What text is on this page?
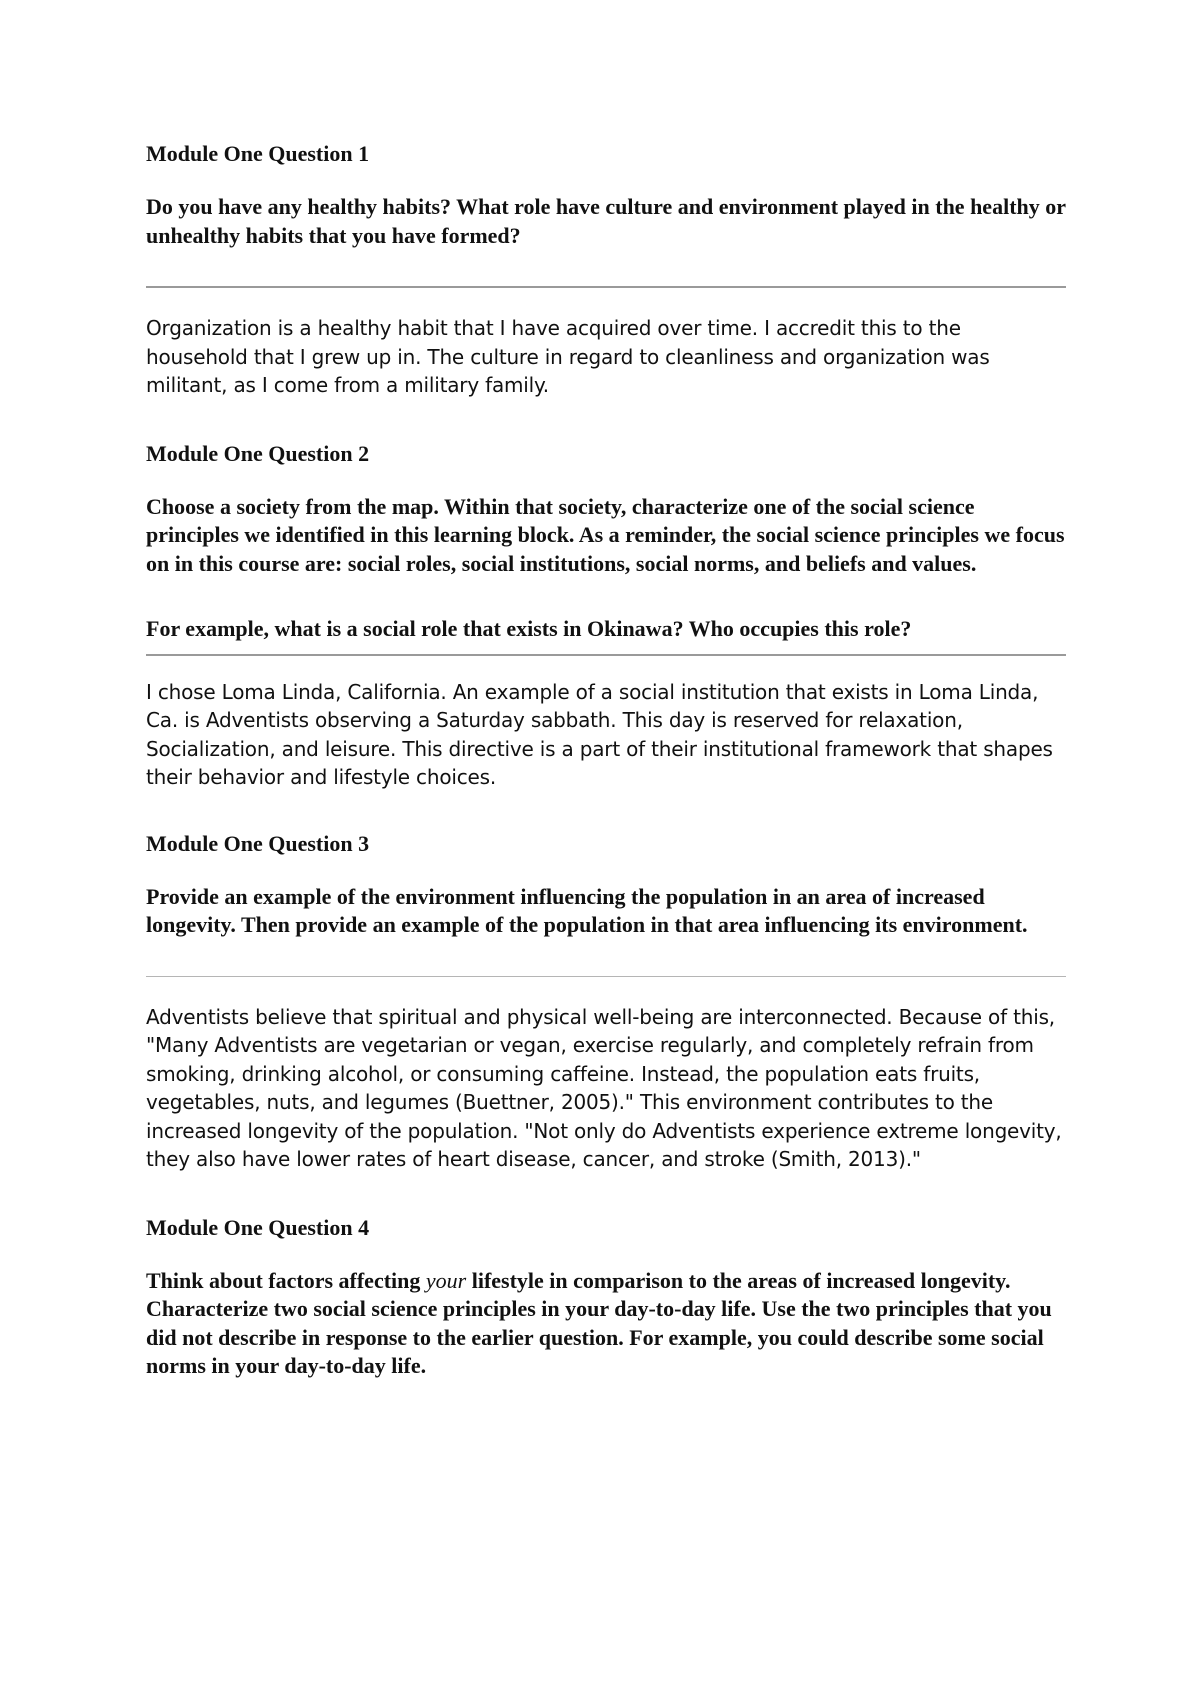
Module One Question 1

Do you have any healthy habits? What role have culture and environment played in the healthy or unhealthy habits that you have formed?

Organization is a healthy habit that I have acquired over time. I accredit this to the household that I grew up in. The culture in regard to cleanliness and organization was militant, as I come from a military family.

Module One Question 2

Choose a society from the map. Within that society, characterize one of the social science principles we identified in this learning block. As a reminder, the social science principles we focus on in this course are: social roles, social institutions, social norms, and beliefs and values.

For example, what is a social role that exists in Okinawa? Who occupies this role?

I chose Loma Linda, California. An example of a social institution that exists in Loma Linda, Ca. is Adventists observing a Saturday sabbath. This day is reserved for relaxation, Socialization, and leisure. This directive is a part of their institutional framework that shapes their behavior and lifestyle choices.

Module One Question 3

Provide an example of the environment influencing the population in an area of increased longevity. Then provide an example of the population in that area influencing its environment.

Adventists believe that spiritual and physical well-being are interconnected. Because of this, "Many Adventists are vegetarian or vegan, exercise regularly, and completely refrain from smoking, drinking alcohol, or consuming caffeine. Instead, the population eats fruits, vegetables, nuts, and legumes (Buettner, 2005)." This environment contributes to the increased longevity of the population. "Not only do Adventists experience extreme longevity, they also have lower rates of heart disease, cancer, and stroke (Smith, 2013)."

Module One Question 4

Think about factors affecting your lifestyle in comparison to the areas of increased longevity. Characterize two social science principles in your day-to-day life. Use the two principles that you did not describe in response to the earlier question. For example, you could describe some social norms in your day-to-day life.
